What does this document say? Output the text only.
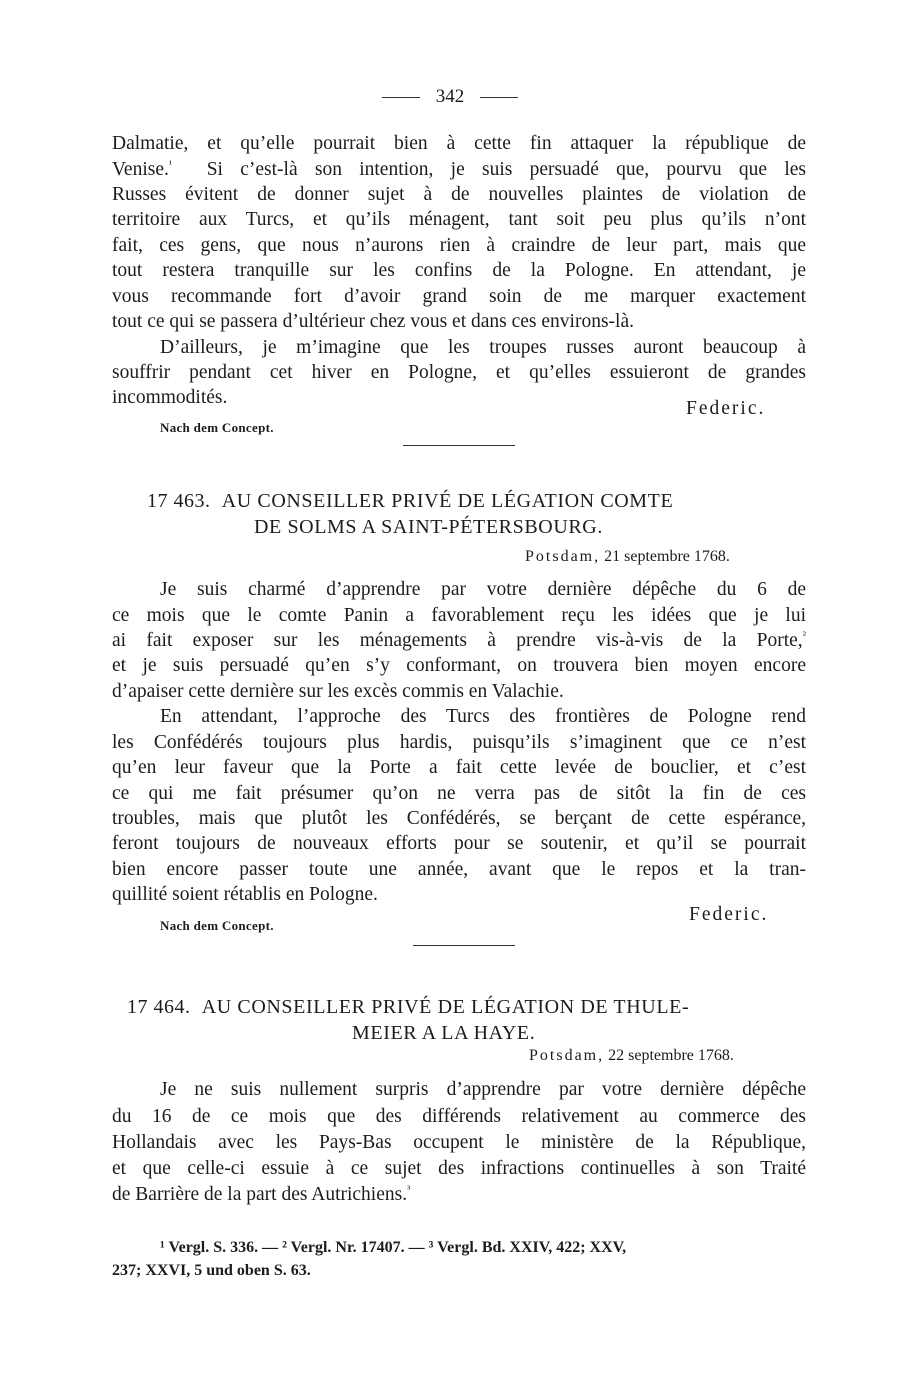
342
Dalmatie, et qu’elle pourrait bien à cette fin attaquer la république de
Venise.$^{^1}$ Si c’est-là son intention, je suis persuadé que, pourvu que les
Russes évitent de donner sujet à de nouvelles plaintes de violation de
territoire aux Turcs, et qu’ils ménagent, tant soit peu plus qu’ils n’ont
fait, ces gens, que nous n’aurons rien à craindre de leur part, mais que
tout restera tranquille sur les confins de la Pologne. En attendant, je
vous recommande fort d’avoir grand soin de me marquer exactement
tout ce qui se passera d’ultérieur chez vous et dans ces environs-là.
D’ailleurs, je m’imagine que les troupes russes auront beaucoup à
souffrir pendant cet hiver en Pologne, et qu’elles essuieront de grandes
incommodités.
Federic.
Nach dem Concept.
17 463. AU CONSEILLER PRIVÉ DE LÉGATION COMTE
DE SOLMS A SAINT-PÉTERSBOURG.
Potsdam, 21 septembre 1768.
Je suis charmé d’apprendre par votre dernière dépêche du 6 de
ce mois que le comte Panin a favorablement reçu les idées que je lui
ai fait exposer sur les ménagements à prendre vis-à-vis de la Porte,$^{^2}$
et je suis persuadé qu’en s’y conformant, on trouvera bien moyen encore
d’apaiser cette dernière sur les excès commis en Valachie.
En attendant, l’approche des Turcs des frontières de Pologne rend
les Confédérés toujours plus hardis, puisqu’ils s’imaginent que ce n’est
qu’en leur faveur que la Porte a fait cette levée de bouclier, et c’est
ce qui me fait présumer qu’on ne verra pas de sitôt la fin de ces
troubles, mais que plutôt les Confédérés, se berçant de cette espérance,
feront toujours de nouveaux efforts pour se soutenir, et qu’il se pourrait
bien encore passer toute une année, avant que le repos et la tran-
quillité soient rétablis en Pologne.
Federic.
Nach dem Concept.
17 464. AU CONSEILLER PRIVÉ DE LÉGATION DE THULE-
MEIER A LA HAYE.
Potsdam, 22 septembre 1768.
Je ne suis nullement surpris d’apprendre par votre dernière dépêche
du 16 de ce mois que des différends relativement au commerce des
Hollandais avec les Pays-Bas occupent le ministère de la République,
et que celle-ci essuie à ce sujet des infractions continuelles à son Traité
de Barrière de la part des Autrichiens.$^{^3}$
¹ Vergl. S. 336. — ² Vergl. Nr. 17407. — ³ Vergl. Bd. XXIV, 422; XXV,
237; XXVI, 5 und oben S. 63.
